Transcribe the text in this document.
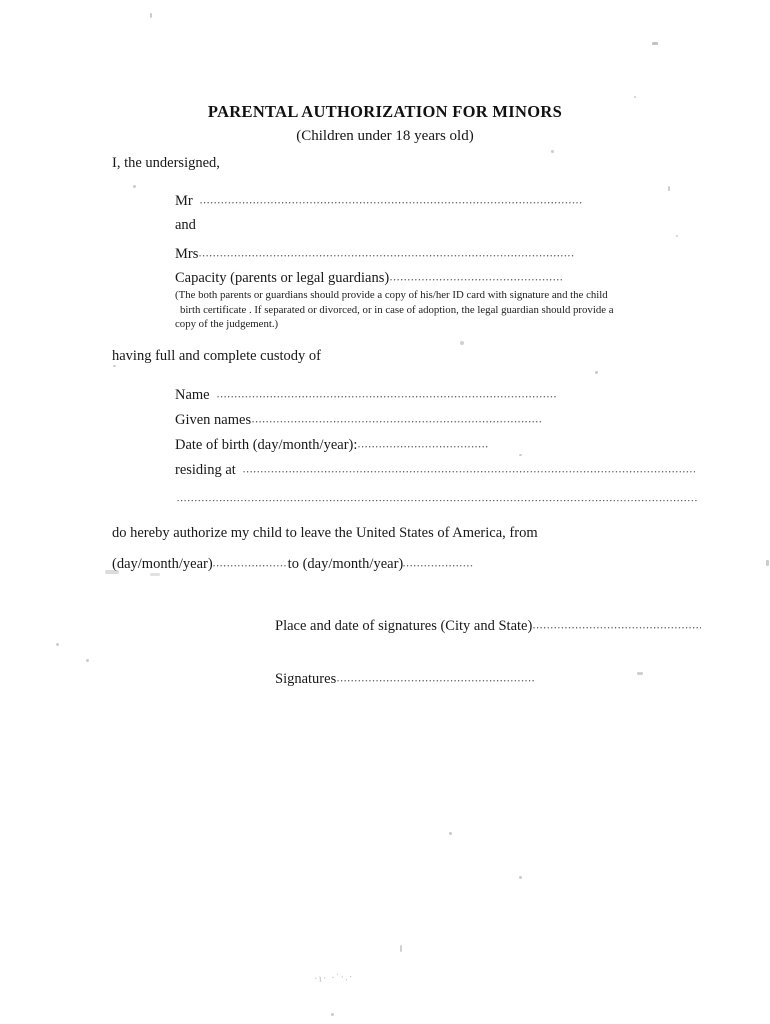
PARENTAL AUTHORIZATION FOR MINORS
(Children under 18 years old)
I, the undersigned,
Mr
and
Mrs
Capacity (parents or legal guardians)
(The both parents or guardians should provide a copy of his/her ID card with signature and the child
birth certificate . If separated or divorced, or in case of adoption, the legal guardian should provide a
copy of the judgement.)
having full and complete custody of
Name
Given names
Date of birth (day/month/year):
residing at
do hereby authorize my child to leave the United States of America, from
(day/month/year)	to (day/month/year)
Place and date of signatures (City and State)
Signatures
·ı· ·˙·.·
